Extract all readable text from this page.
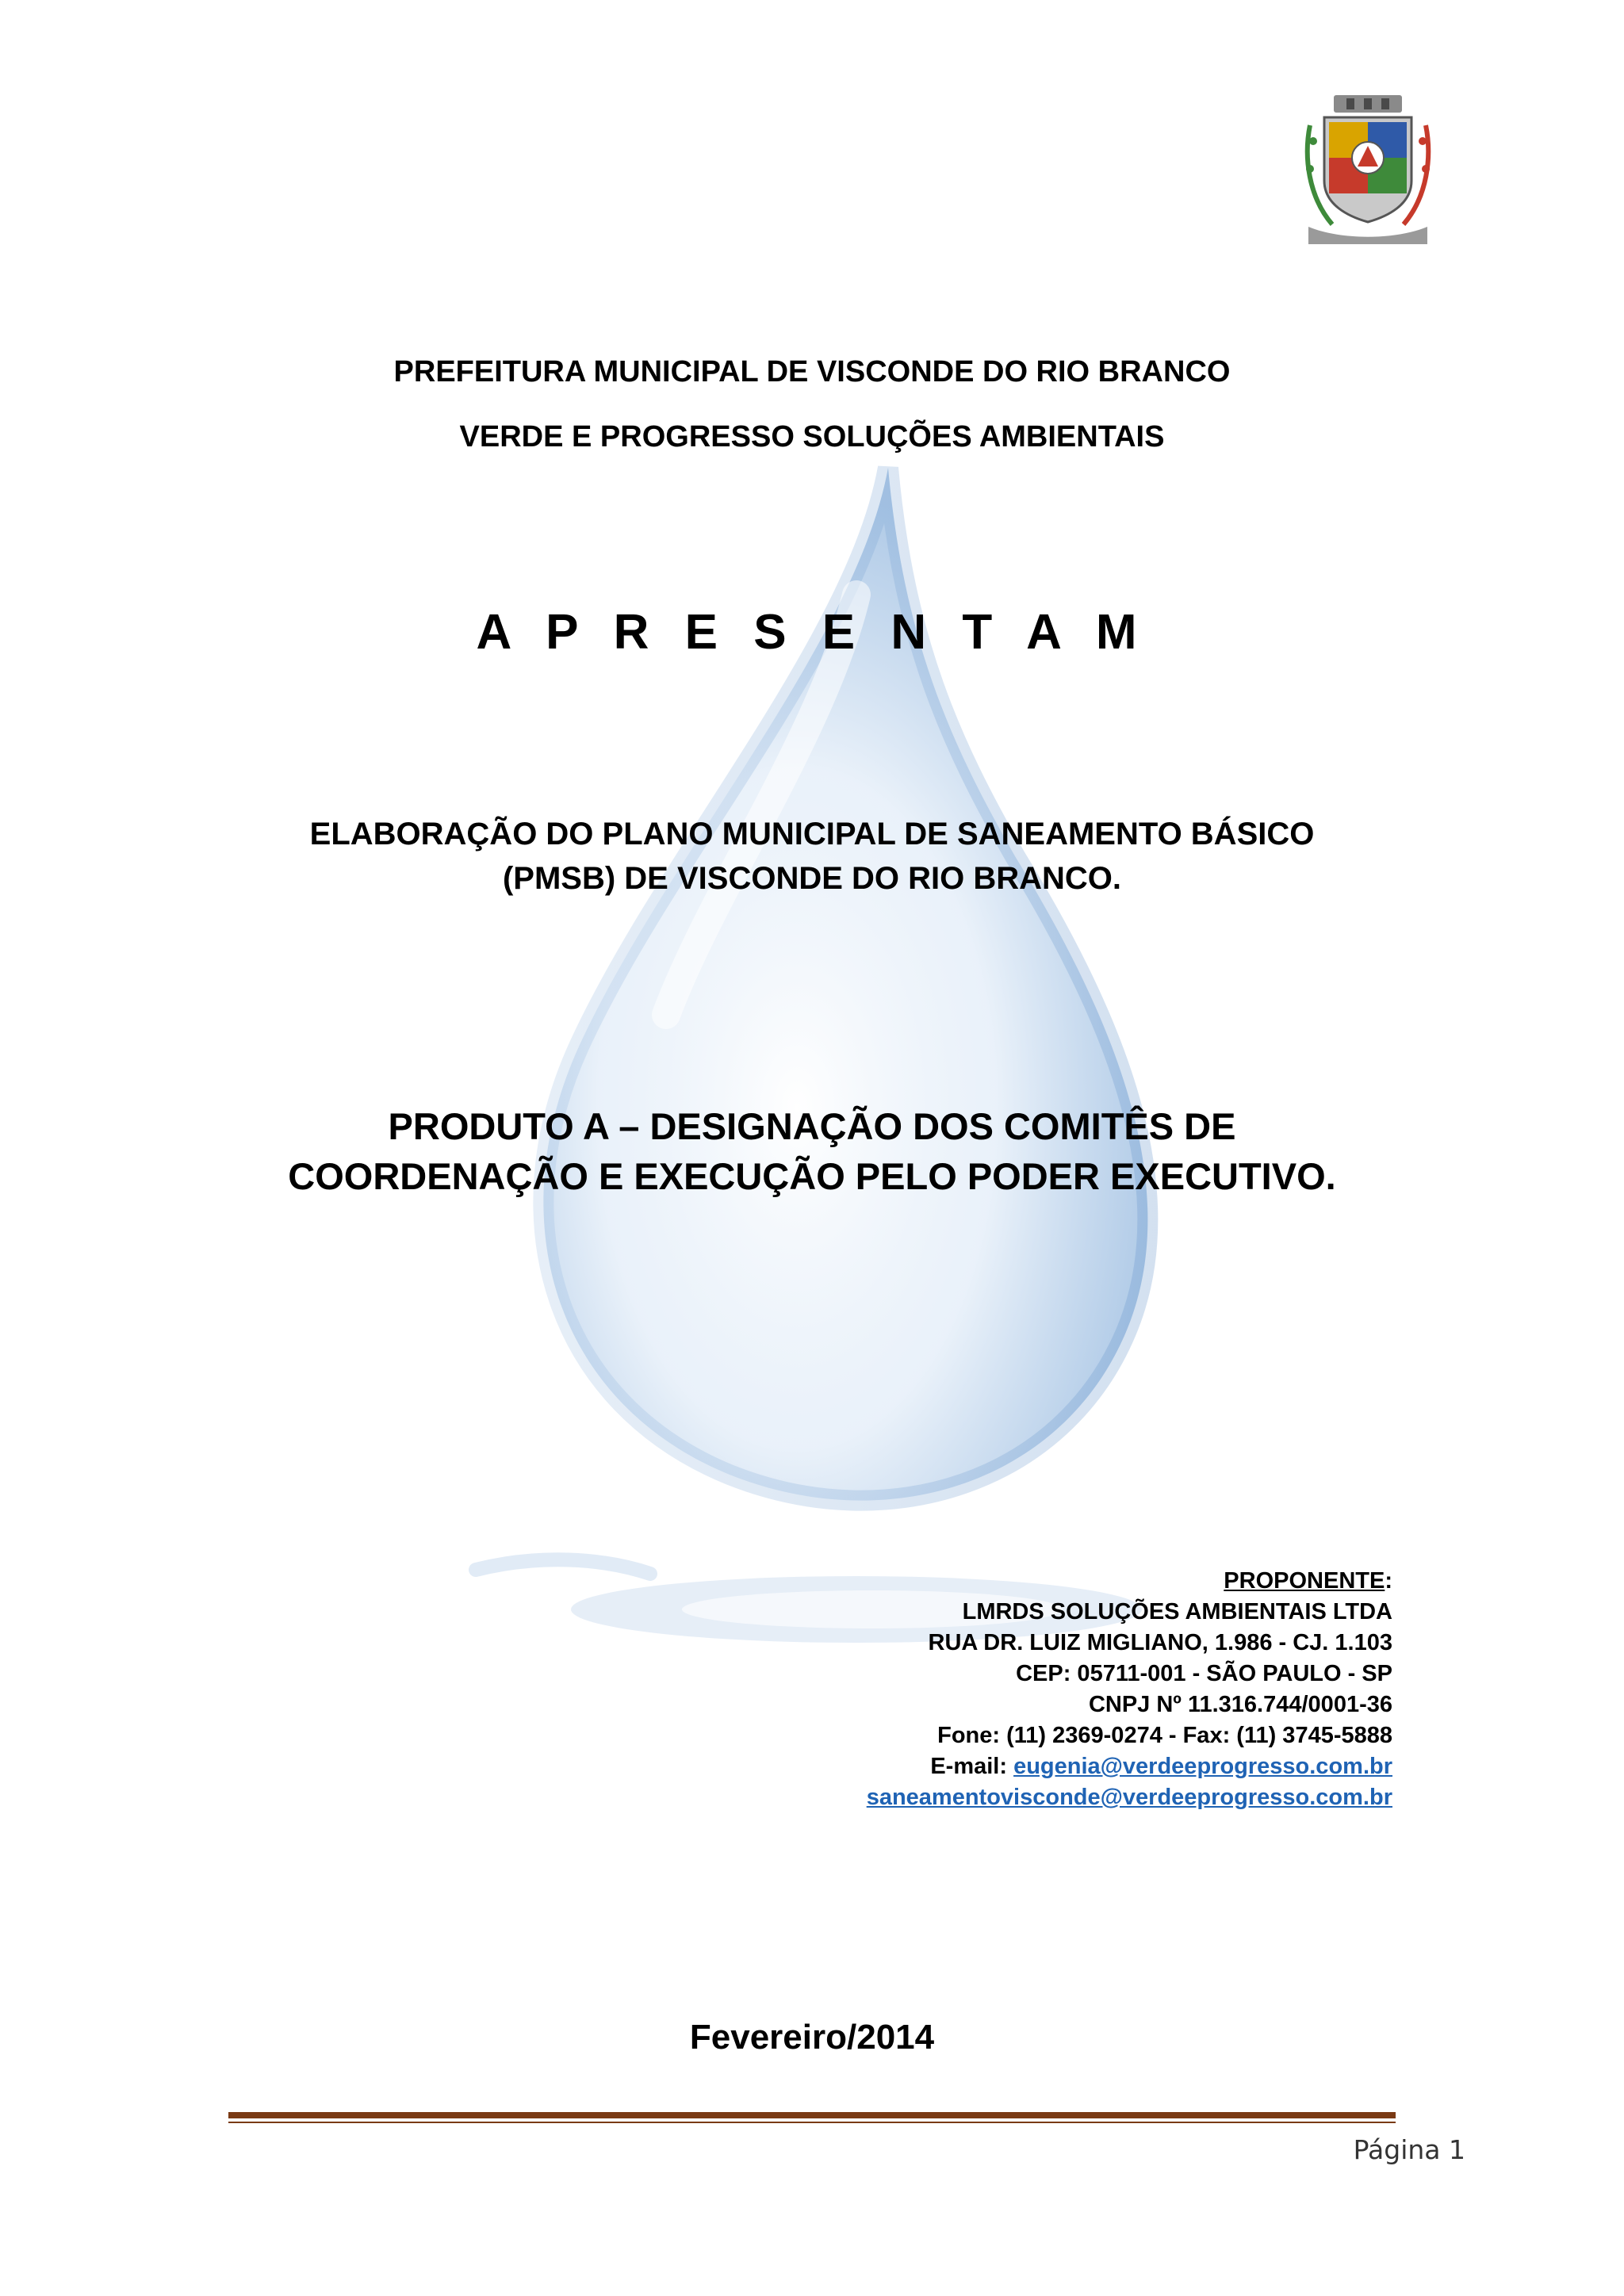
PREFEITURA MUNICIPAL DE VISCONDE DO RIO BRANCO

VERDE E PROGRESSO SOLUÇÕES AMBIENTAIS

A P R E S E N T A M

ELABORAÇÃO DO PLANO MUNICIPAL DE SANEAMENTO BÁSICO

(PMSB) DE VISCONDE DO RIO BRANCO.

PRODUTO A – DESIGNAÇÃO DOS COMITÊS DE

COORDENAÇÃO E EXECUÇÃO PELO PODER EXECUTIVO.

PROPONENTE:
LMRDS SOLUÇÕES AMBIENTAIS LTDA
RUA DR. LUIZ MIGLIANO, 1.986 - CJ. 1.103
CEP: 05711-001 - SÃO PAULO - SP
CNPJ Nº 11.316.744/0001-36
Fone: (11) 2369-0274 - Fax: (11) 3745-5888
E-mail: eugenia@verdeeprogresso.com.br
saneamentovisconde@verdeeprogresso.com.br
Fevereiro/2014
Página 1
